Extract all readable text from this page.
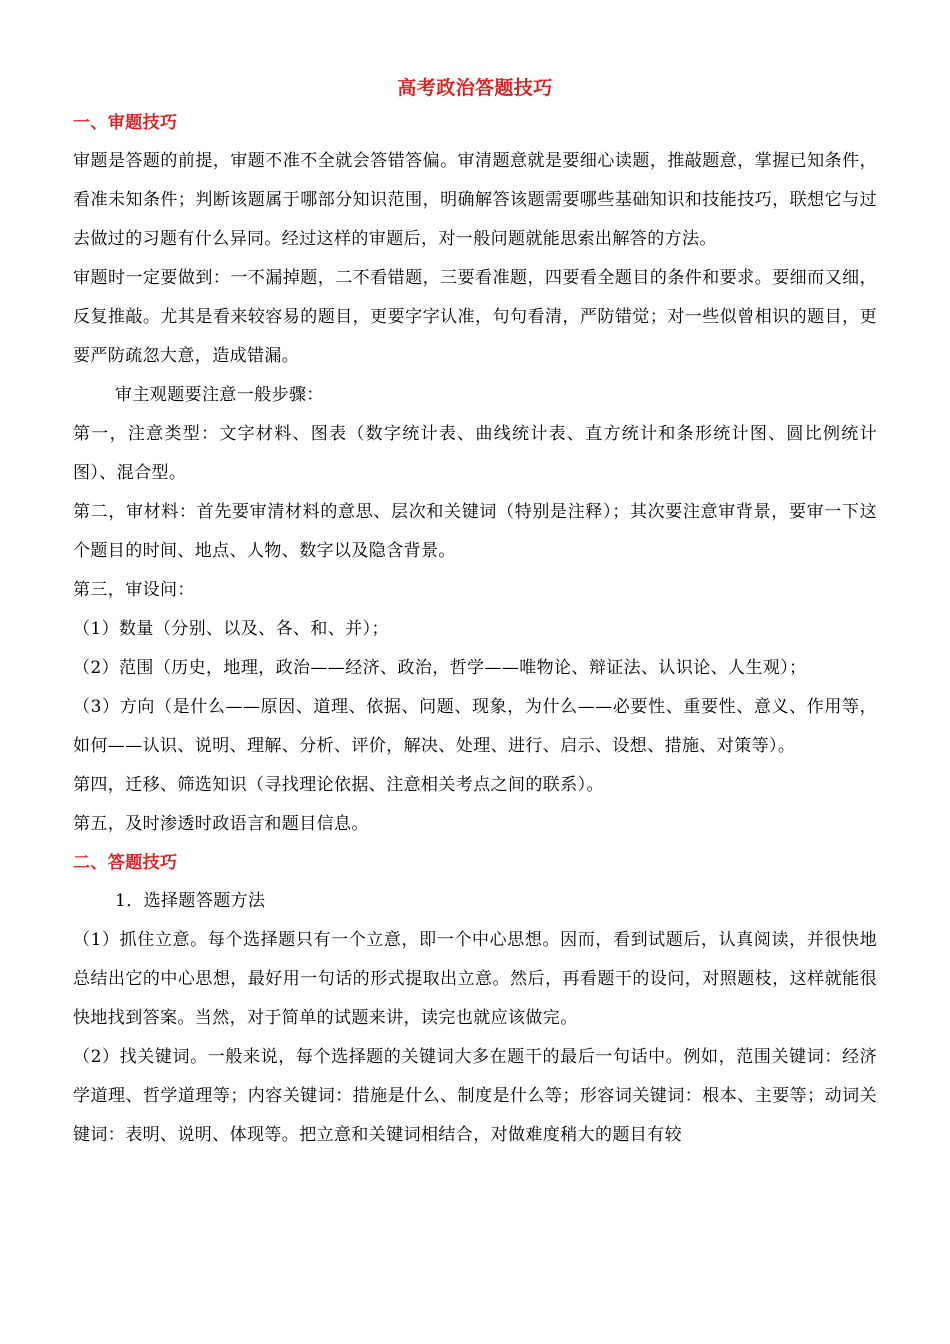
高考政治答题技巧
一、审题技巧

审题是答题的前提，审题不准不全就会答错答偏。审清题意就是要细心读题，推敲题意，掌握已知条件，看准未知条件；判断该题属于哪部分知识范围，明确解答该题需要哪些基础知识和技能技巧，联想它与过去做过的习题有什么异同。经过这样的审题后，对一般问题就能思索出解答的方法。

审题时一定要做到：一不漏掉题，二不看错题，三要看准题，四要看全题目的条件和要求。要细而又细，反复推敲。尤其是看来较容易的题目，更要字字认准，句句看清，严防错觉；对一些似曾相识的题目，更要严防疏忽大意，造成错漏。

审主观题要注意一般步骤：

第一，注意类型：文字材料、图表（数字统计表、曲线统计表、直方统计和条形统计图、圆比例统计图）、混合型。

第二，审材料：首先要审清材料的意思、层次和关键词（特别是注释）；其次要注意审背景，要审一下这个题目的时间、地点、人物、数字以及隐含背景。

第三，审设问：

（1）数量（分别、以及、各、和、并）；

（2）范围（历史，地理，政治——经济、政治，哲学——唯物论、辩证法、认识论、人生观）；

（3）方向（是什么——原因、道理、依据、问题、现象，为什么——必要性、重要性、意义、作用等，如何——认识、说明、理解、分析、评价，解决、处理、进行、启示、设想、措施、对策等）。

第四，迁移、筛选知识（寻找理论依据、注意相关考点之间的联系）。

第五，及时渗透时政语言和题目信息。

二、答题技巧

1．选择题答题方法

（1）抓住立意。每个选择题只有一个立意，即一个中心思想。因而，看到试题后，认真阅读，并很快地总结出它的中心思想，最好用一句话的形式提取出立意。然后，再看题干的设问，对照题枝，这样就能很快地找到答案。当然，对于简单的试题来讲，读完也就应该做完。

（2）找关键词。一般来说，每个选择题的关键词大多在题干的最后一句话中。例如，范围关键词：经济学道理、哲学道理等；内容关键词：措施是什么、制度是什么等；形容词关键词：根本、主要等；动词关键词：表明、说明、体现等。把立意和关键词相结合，对做难度稍大的题目有较
